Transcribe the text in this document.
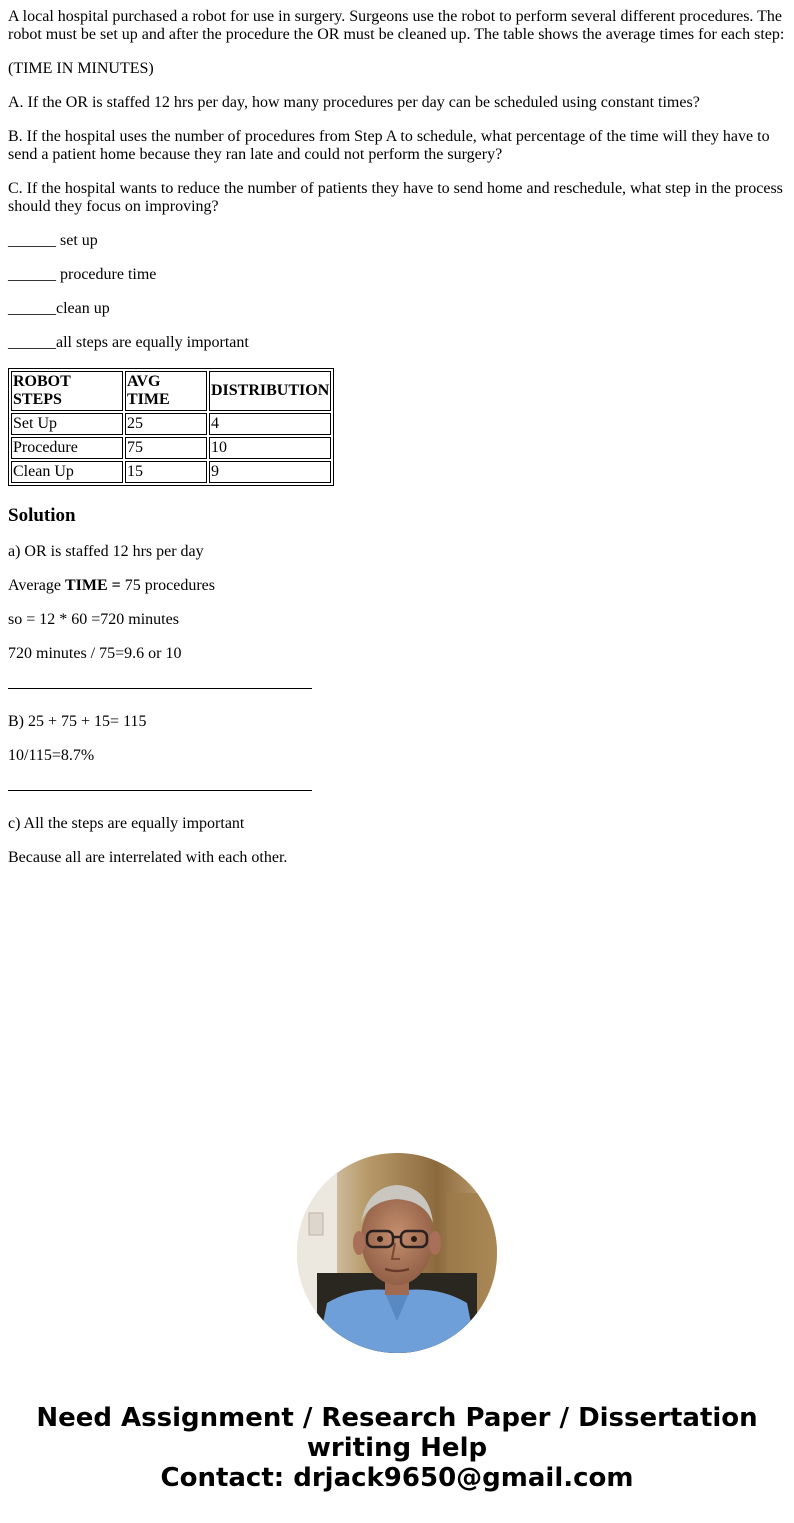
A local hospital purchased a robot for use in surgery. Surgeons use the robot to perform several different procedures. The robot must be set up and after the procedure the OR must be cleaned up. The table shows the average times for each step:

(TIME IN MINUTES)

A. If the OR is staffed 12 hrs per day, how many procedures per day can be scheduled using constant times?

B. If the hospital uses the number of procedures from Step A to schedule, what percentage of the time will they have to send a patient home because they ran late and could not perform the surgery?

C. If the hospital wants to reduce the number of patients they have to send home and reschedule, what step in the process should they focus on improving?

______ set up

______ procedure time

______clean up

______all steps are equally important

ROBOT STEPS	AVG TIME	DISTRIBUTION
Set Up	25	4
Procedure	75	10
Clean Up	15	9
Solution

a) OR is staffed 12 hrs per day

Average TIME = 75 procedures

so = 12 * 60 =720 minutes

720 minutes / 75=9.6 or 10

B) 25 + 75 + 15= 115

10/115=8.7%

c) All the steps are equally important

Because all are interrelated with each other.

Need Assignment / Research Paper / Dissertation
writing Help
Contact: drjack9650@gmail.com
